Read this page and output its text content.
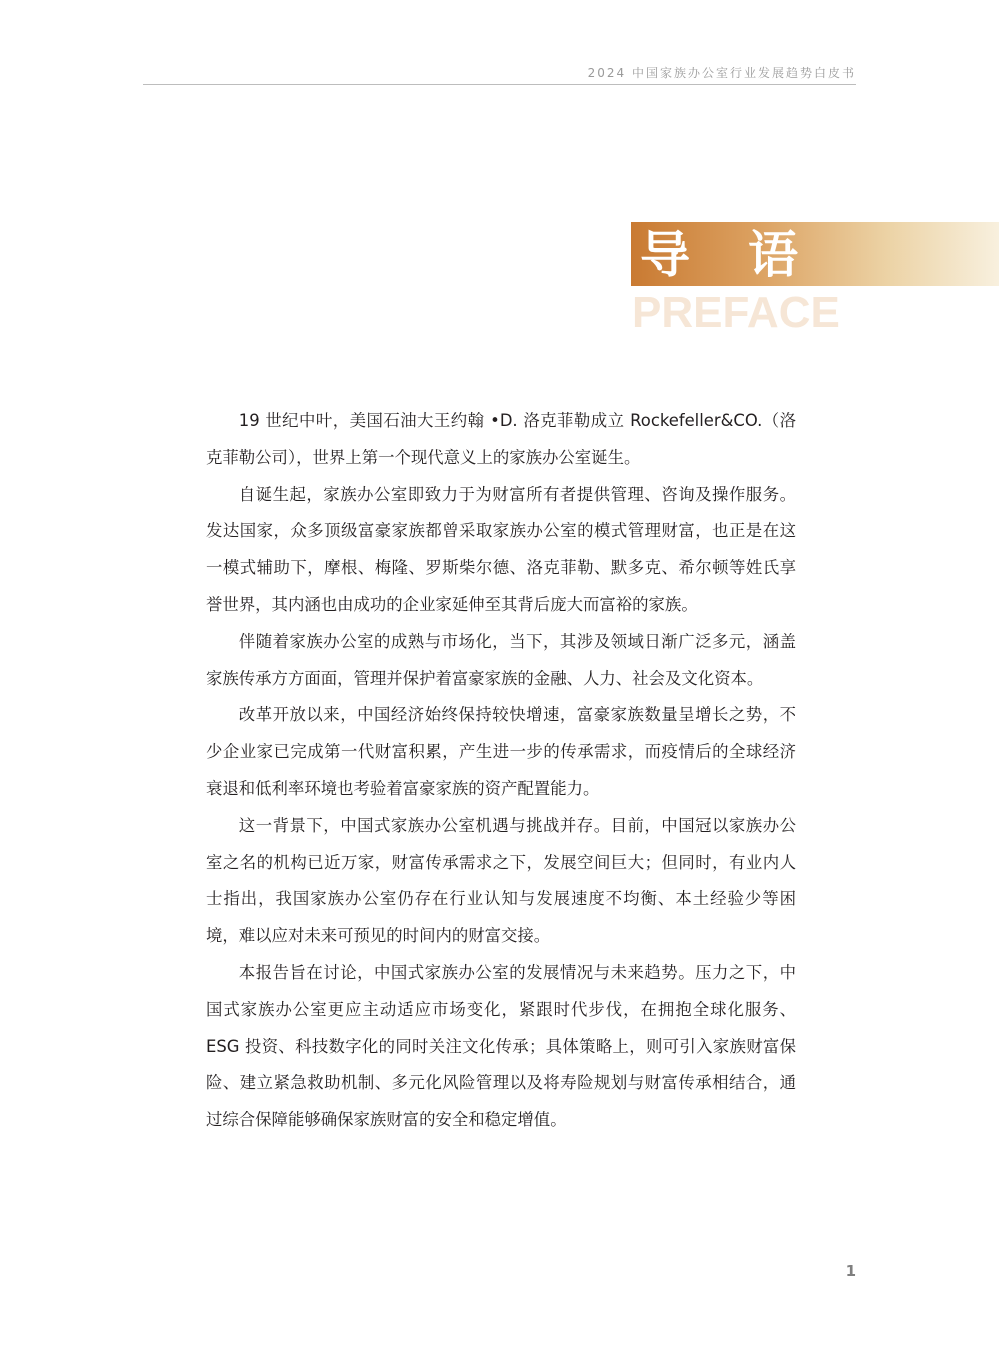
2024 中国家族办公室行业发展趋势白皮书
导语
PREFACE

19 世纪中叶，美国石油大王约翰 •D. 洛克菲勒成立 Rockefeller&CO.（洛克菲勒公司），世界上第一个现代意义上的家族办公室诞生。

自诞生起，家族办公室即致力于为财富所有者提供管理、咨询及操作服务。发达国家，众多顶级富豪家族都曾采取家族办公室的模式管理财富，也正是在这一模式辅助下，摩根、梅隆、罗斯柴尔德、洛克菲勒、默多克、希尔顿等姓氏享誉世界，其内涵也由成功的企业家延伸至其背后庞大而富裕的家族。

伴随着家族办公室的成熟与市场化，当下，其涉及领域日渐广泛多元，涵盖家族传承方方面面，管理并保护着富豪家族的金融、人力、社会及文化资本。

改革开放以来，中国经济始终保持较快增速，富豪家族数量呈增长之势，不少企业家已完成第一代财富积累，产生进一步的传承需求，而疫情后的全球经济衰退和低利率环境也考验着富豪家族的资产配置能力。

这一背景下，中国式家族办公室机遇与挑战并存。目前，中国冠以家族办公室之名的机构已近万家，财富传承需求之下，发展空间巨大；但同时，有业内人士指出，我国家族办公室仍存在行业认知与发展速度不均衡、本土经验少等困境，难以应对未来可预见的时间内的财富交接。

本报告旨在讨论，中国式家族办公室的发展情况与未来趋势。压力之下，中国式家族办公室更应主动适应市场变化，紧跟时代步伐，在拥抱全球化服务、ESG 投资、科技数字化的同时关注文化传承；具体策略上，则可引入家族财富保险、建立紧急救助机制、多元化风险管理以及将寿险规划与财富传承相结合，通过综合保障能够确保家族财富的安全和稳定增值。

1
